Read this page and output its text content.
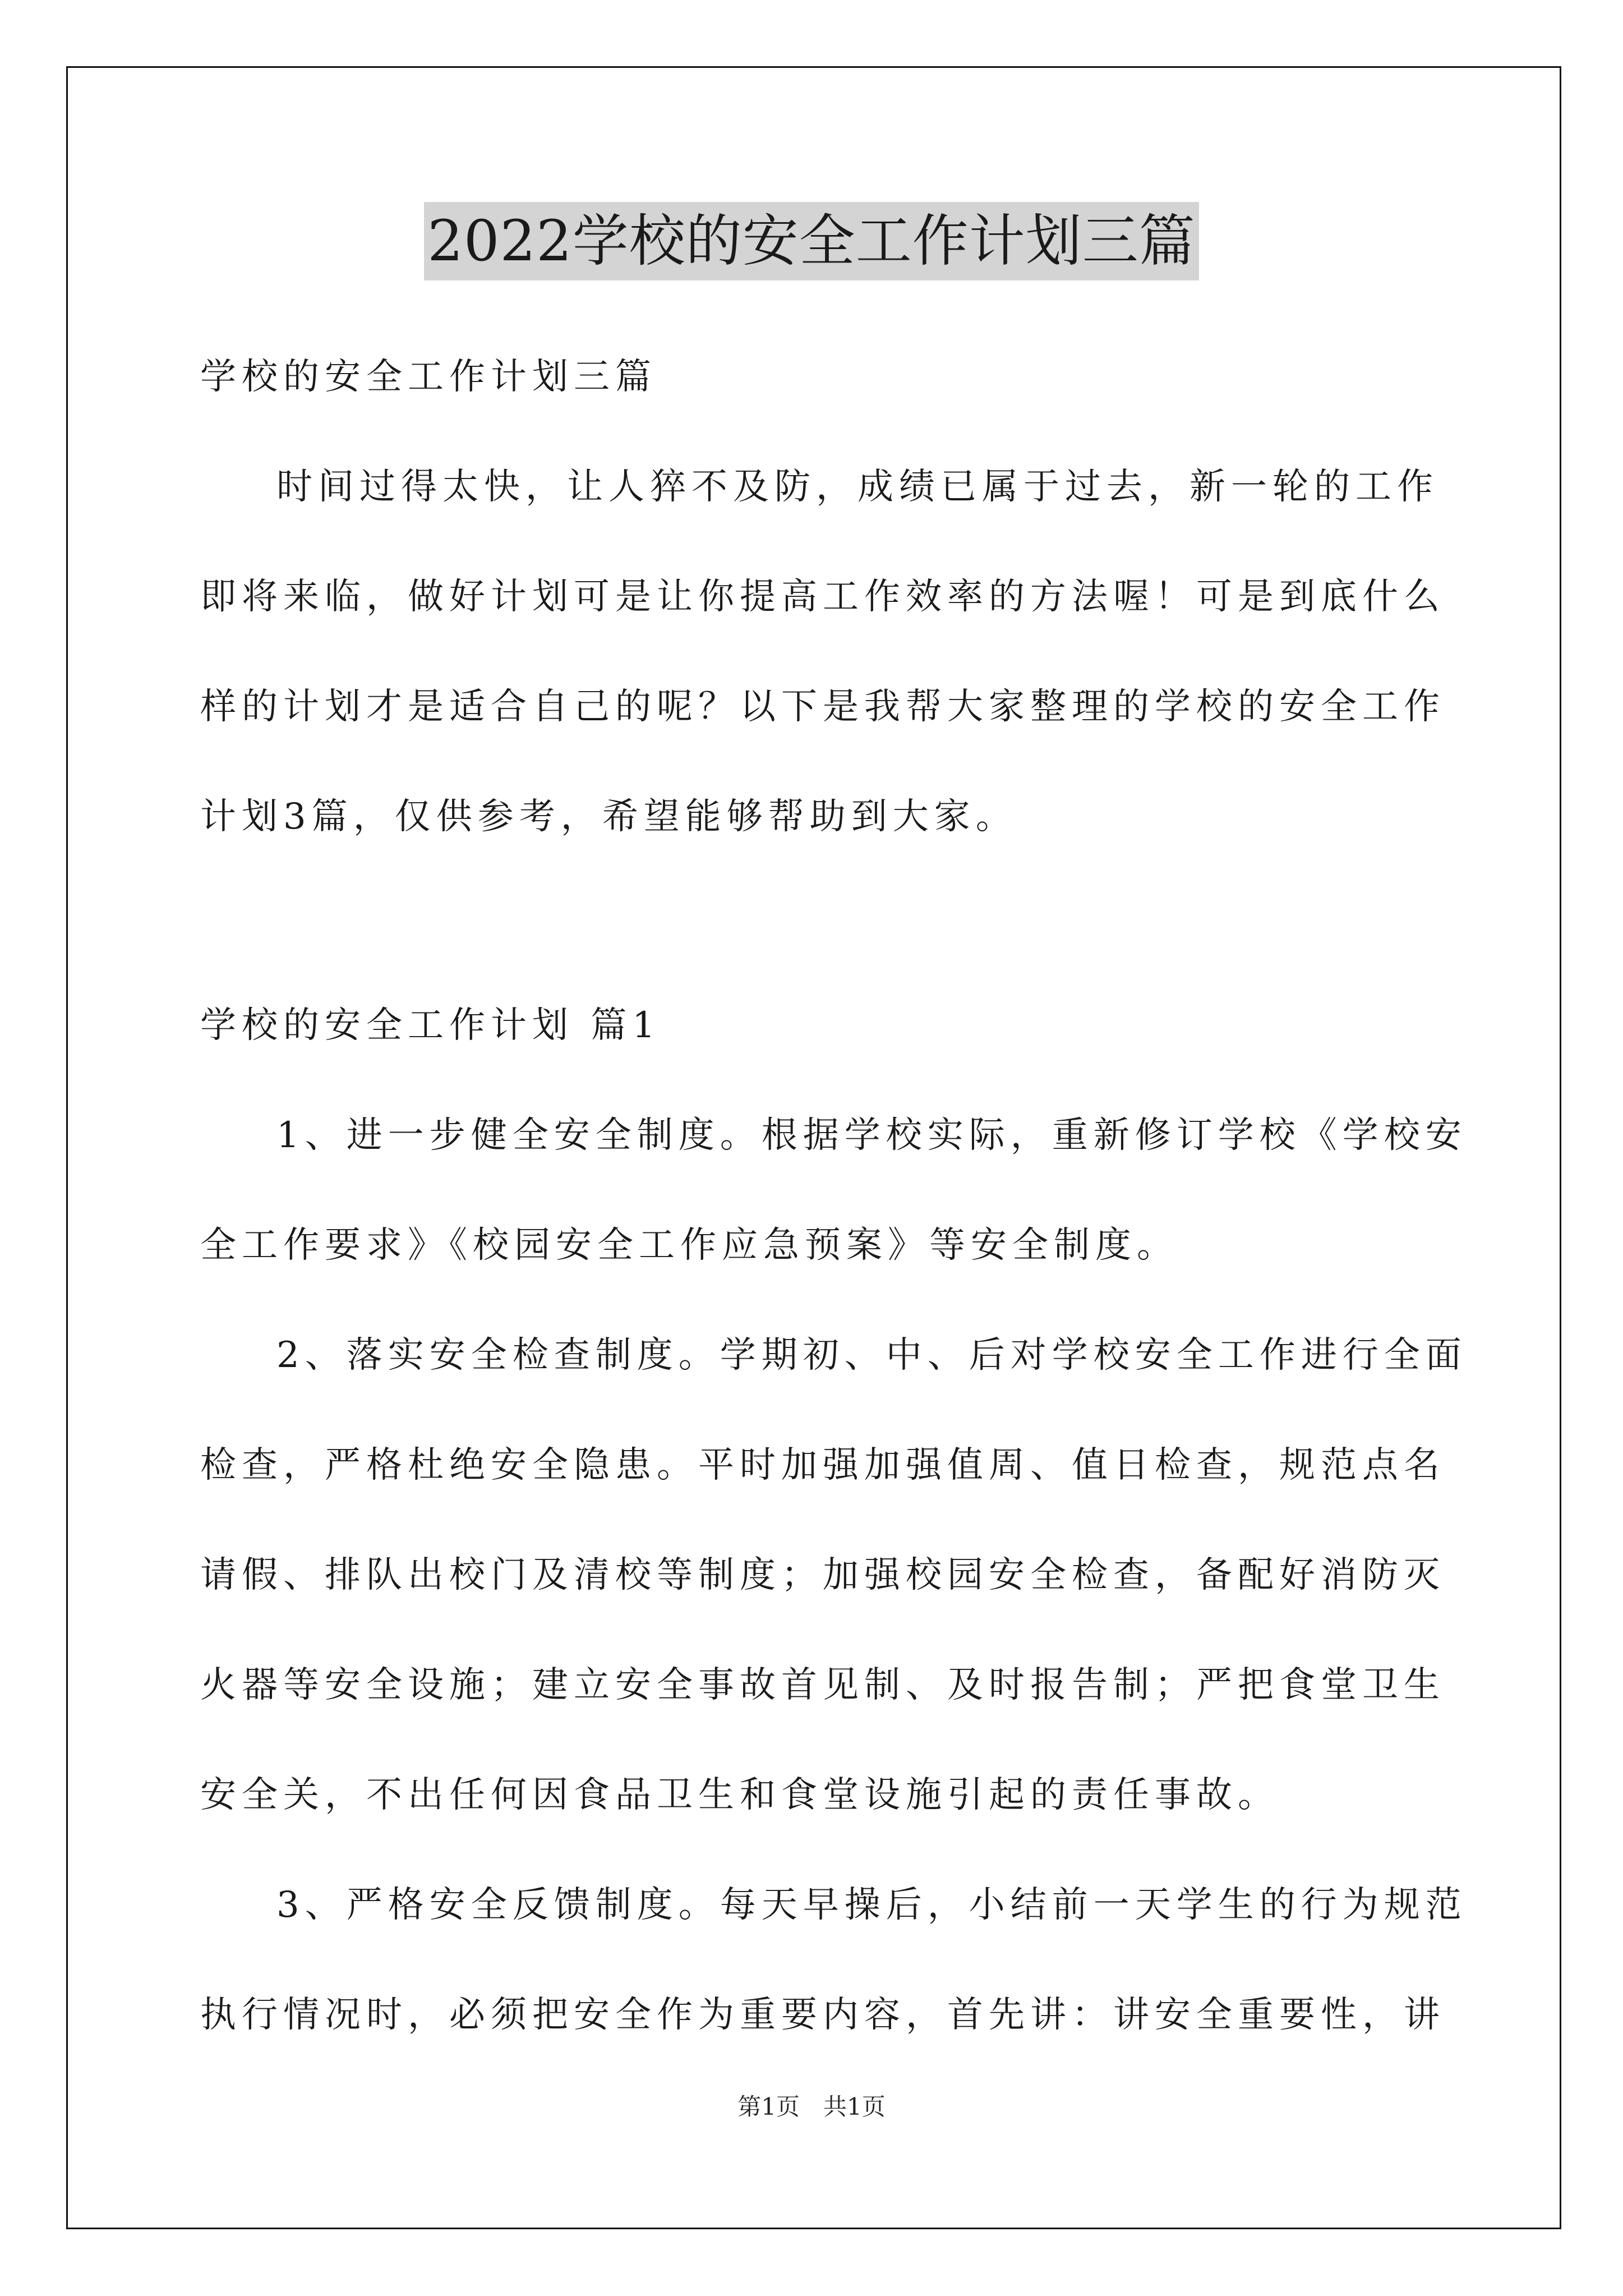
2022学校的安全工作计划三篇
学校的安全工作计划三篇
时间过得太快，让人猝不及防，成绩已属于过去，新一轮的工作
即将来临，做好计划可是让你提高工作效率的方法喔！可是到底什么
样的计划才是适合自己的呢？以下是我帮大家整理的学校的安全工作
计划3篇，仅供参考，希望能够帮助到大家。
学校的安全工作计划 篇1
1、进一步健全安全制度。根据学校实际，重新修订学校《学校安
全工作要求》《校园安全工作应急预案》等安全制度。
2、落实安全检查制度。学期初、中、后对学校安全工作进行全面
检查，严格杜绝安全隐患。平时加强加强值周、值日检查，规范点名
请假、排队出校门及清校等制度；加强校园安全检查，备配好消防灭
火器等安全设施；建立安全事故首见制、及时报告制；严把食堂卫生
安全关，不出任何因食品卫生和食堂设施引起的责任事故。
3、严格安全反馈制度。每天早操后，小结前一天学生的行为规范
执行情况时，必须把安全作为重要内容，首先讲：讲安全重要性，讲
第1页　共1页
